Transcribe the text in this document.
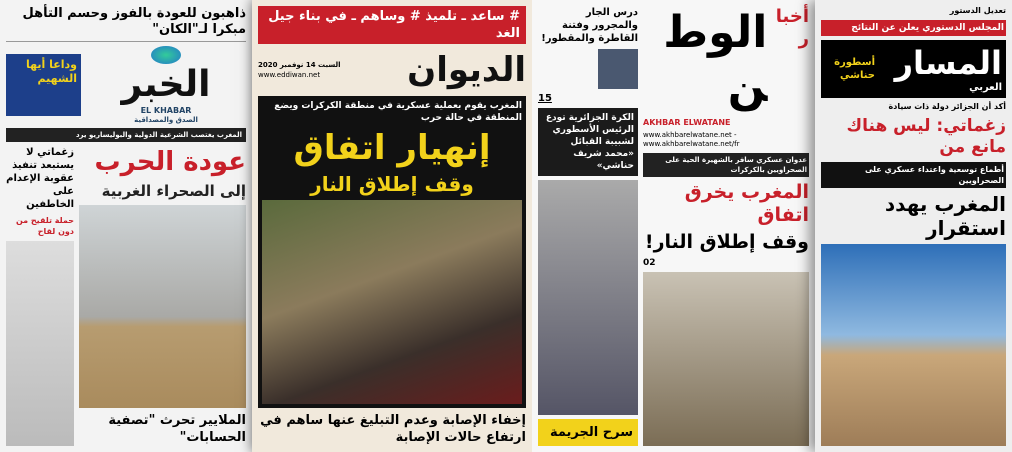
ذاهبون للعودة بالفوز وحسم التأهل مبكرا لـ"الكان"
الخبر
EL KHABAR
الصدق والمصداقية
وداعا أيها الشهيم
المغرب يغتصب الشرعية الدولية والبوليساريو يرد
عودة الحرب
إلى الصحراء الغربية
الملايير تحرث "تصفية الحسابات"
زغماتي لا يستبعد تنفيذ عقوبة الإعدام على الخاطفين
حملة تلقيح من دون لقاح
# ساعد ـ تلميذ # وساهم ـ في بناء جيل الغد
الديوان
السبت 14 نوفمبر 2020
www.eddiwan.net
المغرب يقوم بعملية عسكرية في منطقة الكركرات ويضع المنطقة في حالة حرب
إنهيار اتفاق
وقف إطلاق النار
إخفاء الإصابة وعدم التبليغ عنها ساهم في ارتفاع حالات الإصابة
أخبار
الوطن
AKHBAR ELWATANE
www.akhbarelwatane.net - www.akhbarelwatane.net/fr
عدوان عسكري سافر بالشهيرة الحية على الصحراويين بالكركرات
المغرب يخرق اتفاق
وقف إطلاق النار!
02
درس الجار والمجرور وفتنة القاطرة والمقطور!
15
الكرة الجزائرية تودع الرئيس الأسطوري لشبيبة القبائل «محمد شريف حناشي»
سرح الجريمة
تعديل الدستور
المجلس الدستوري يعلن عن النتائج
المسار
العربي
أسطورة حناشي
أكد أن الجزائر دولة ذات سيادة
زغماتي: ليس هناك مانع من
أطماع توسعية واعتداء عسكري على الصحراويين
المغرب يهدد استقرار
